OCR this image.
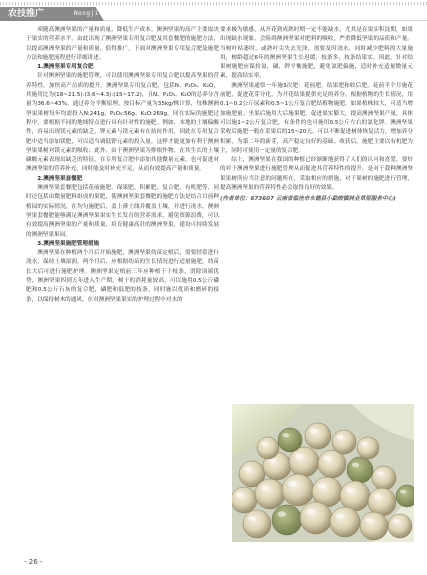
农技推广	Nongji Tuiguang

须随高澳洲坚果的产量和质量，降低生产成本。澳洲坚果的高产主要取决于果实的营养水平。由此出现了澳洲坚果专用复合肥及其套餐肥的施肥方法，以提高澳洲坚果的产量和质量，值得推广。下面对澳洲坚果专用复合肥及施肥方法和施肥流程进行详细讲述。

1.澳洲坚果专用复合肥

针对澳洲坚果的施肥管理，可以使用澳洲坚果专用复合肥以提高坚果的营养特性，加快高产员质的提升。澳洲坚果专用复合肥，包括N、P₂O₅、K₂O，其施用比为(18~21.5):(3.6~4.3):(15~17.2)，且N、P₂O₅、K₂O的总养分含量为36.6~43%。通过养分平衡原理，按目标产量为35kg/株计算，每株澳洲坚果果树每年均需投入N:241g、P₂O₅:56g、K₂O:269g。同在实际的施肥过程中，要根据不同的地域特点进行具有针对性的施肥。例如，本地的土壤偏酸性，容易出现镁元素的缺乏，钾元素与镁元素有在拮抗作用，因此在专用复合肥中适当添加镁肥，可以适当调低钾元素的投入量。这样才能更加有利于澳洲坚果果树对镁元素的吸收；此外，由于澳洲坚果为排根作物，在其生长的土壤磷酸元素表现出缺乏的特征，在专用复合肥中添加其他微量元素，也可促进对澳洲坚果的营养补充，同时能及时补充不足，从而有效提高产量和质量。

2.澳洲坚果套餐肥

澳洲坚果套餐肥包括花前施肥、保果肥、积累肥、复合肥、有机肥等，同时还包括由微量肥料组成的果肥，使澳洲坚果套餐肥的施肥方法是结合目前种植园的实际情况，在均匀施肥后，盖上薄土线并覆盖土壤，并进行浇水。澳洲坚果套餐肥能够满足澳洲坚果果实生长发育的营养需求，避免资源浪费，可以有效提高澳洲坚果的产量和质量，培育健康高壮的澳洲坚果，建设可持续发展的澳洲坚果果园。

3.澳洲坚果施肥管理措施

澳洲坚果在种植两个月后开始施肥，澳洲坚果幼苗定植后，需要经常进行浇水，保持土壤湿润。两个月后，应根据幼苗的生长情况进行适量施肥，幼苗长大后可进行施肥护理。澳洲坚果定植前三年应种植于于枝条，消除顶端优势，澳洲坚果四到五年进入生产期，树干的消耗量较高，可以施用0.5公斤磷肥和0.5公斤石灰的复合肥，磷肥和低肥的枝条，同时施以优质和磨碎的枝条，以保持树木的通风，在对澳洲坚果果实的护理过程中对水的

要求极为敏感，从开花到成熟时期一定不能缺水，尤其是在果实积淀期，如果出现缺水现象，会阻碍澳洲坚果对肥料的吸收，严重降低坚果的品质和产量。当树叶枯萎时，或熟叶尖失去光泽，需要及时浇水，同时减少肥料的大量施用，树龄超过6年的澳洲坚果生长迟缓，枝条多，枝条结果实，因此，针对结果树施肥应保持氮，磷，钾平衡施肥，避免氮肥偏施，适时补充适量微量元素，提高结实率。

澳洲坚果通常一年施3次肥：花前肥、结果肥和收后肥。花前半个月施花前肥，促进花芽分化，为开花结果提供充足的养分。根据植物的生长情况，用0.1~0.2公斤尿素和0.5~1公斤复合肥结植物施肥，如果植株较大，可适当增加施肥量。坐果后施用大后施果肥，促进果实膨大，提高澳洲坚果产量，具体可以施1~2公斤复合肥，有条件的也可施用0.5公斤左右的氯化钾。澳洲坚果采收后施肥一般在采果后的15~20天，可以不断促进树体恢复活力，增加养分积累，为第二年的新芽，高产稳定良好的基础。收获后，施肥主要以有机肥为主，同时可使用一定量的复合肥。

综上，澳洲坚果在我国的种植已经渐渐地获得了人们的认可和喜爱，要好的对于澳洲坚果进行施肥管理从而促进其营养特性的提升，是对于我种澳洲坚果果树所应当注意的问题所在，采取相应的措施，对于果树的施肥进行管理，提高澳洲坚果的营养特性必会取得良好的效果。

(作者单位：673607 云南省临沧市永德县小勐统镇林业草原服务中心)

- 26 -
